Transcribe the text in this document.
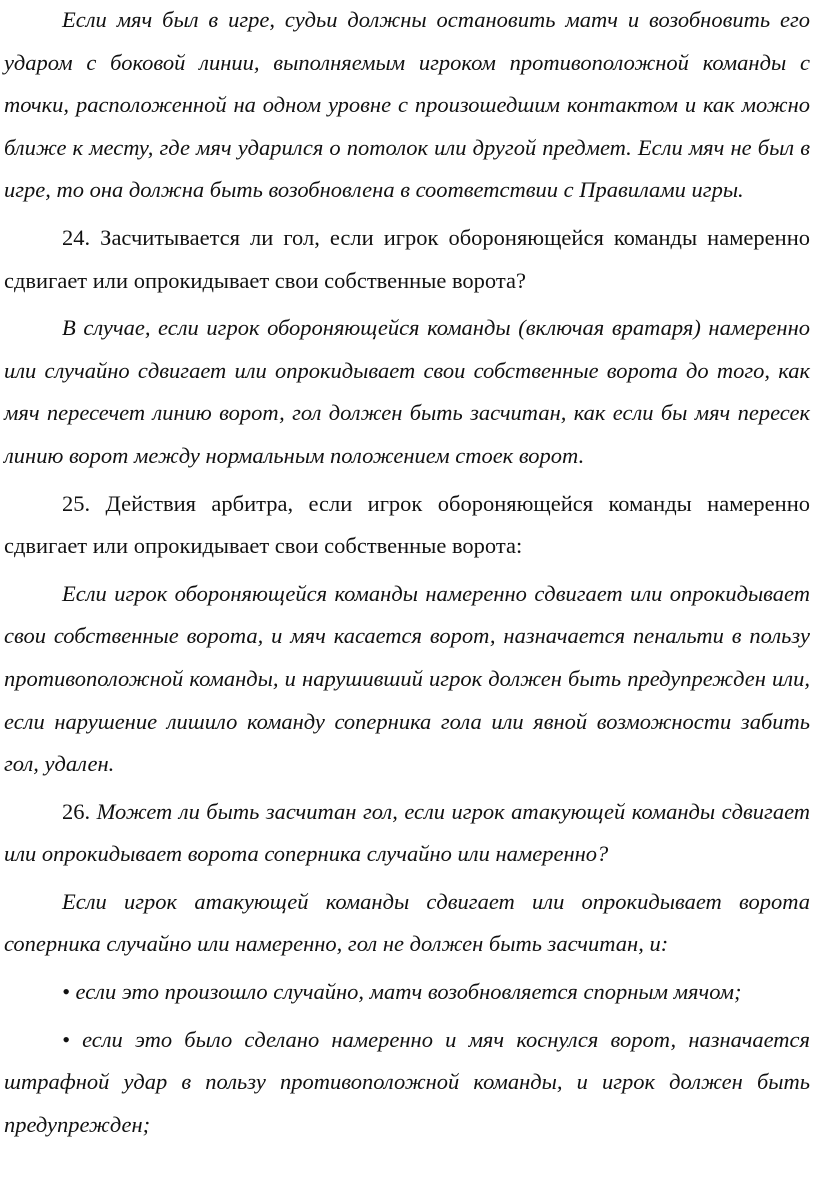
Если мяч был в игре, судьи должны остановить матч и возобновить его ударом с боковой линии, выполняемым игроком противоположной команды с точки, расположенной на одном уровне с произошедшим контактом и как можно ближе к месту, где мяч ударился о потолок или другой предмет. Если мяч не был в игре, то она должна быть возобновлена в соответствии с Правилами игры.

24. Засчитывается ли гол, если игрок обороняющейся команды намеренно сдвигает или опрокидывает свои собственные ворота?

В случае, если игрок обороняющейся команды (включая вратаря) намеренно или случайно сдвигает или опрокидывает свои собственные ворота до того, как мяч пересечет линию ворот, гол должен быть засчитан, как если бы мяч пересек линию ворот между нормальным положением стоек ворот.

25. Действия арбитра, если игрок обороняющейся команды намеренно сдвигает или опрокидывает свои собственные ворота:

Если игрок обороняющейся команды намеренно сдвигает или опрокидывает свои собственные ворота, и мяч касается ворот, назначается пенальти в пользу противоположной команды, и нарушивший игрок должен быть предупрежден или, если нарушение лишило команду соперника гола или явной возможности забить гол, удален.

26. Может ли быть засчитан гол, если игрок атакующей команды сдвигает или опрокидывает ворота соперника случайно или намеренно?

Если игрок атакующей команды сдвигает или опрокидывает ворота соперника случайно или намеренно, гол не должен быть засчитан, и:

• если это произошло случайно, матч возобновляется спорным мячом;

• если это было сделано намеренно и мяч коснулся ворот, назначается штрафной удар в пользу противоположной команды, и игрок должен быть предупрежден;
